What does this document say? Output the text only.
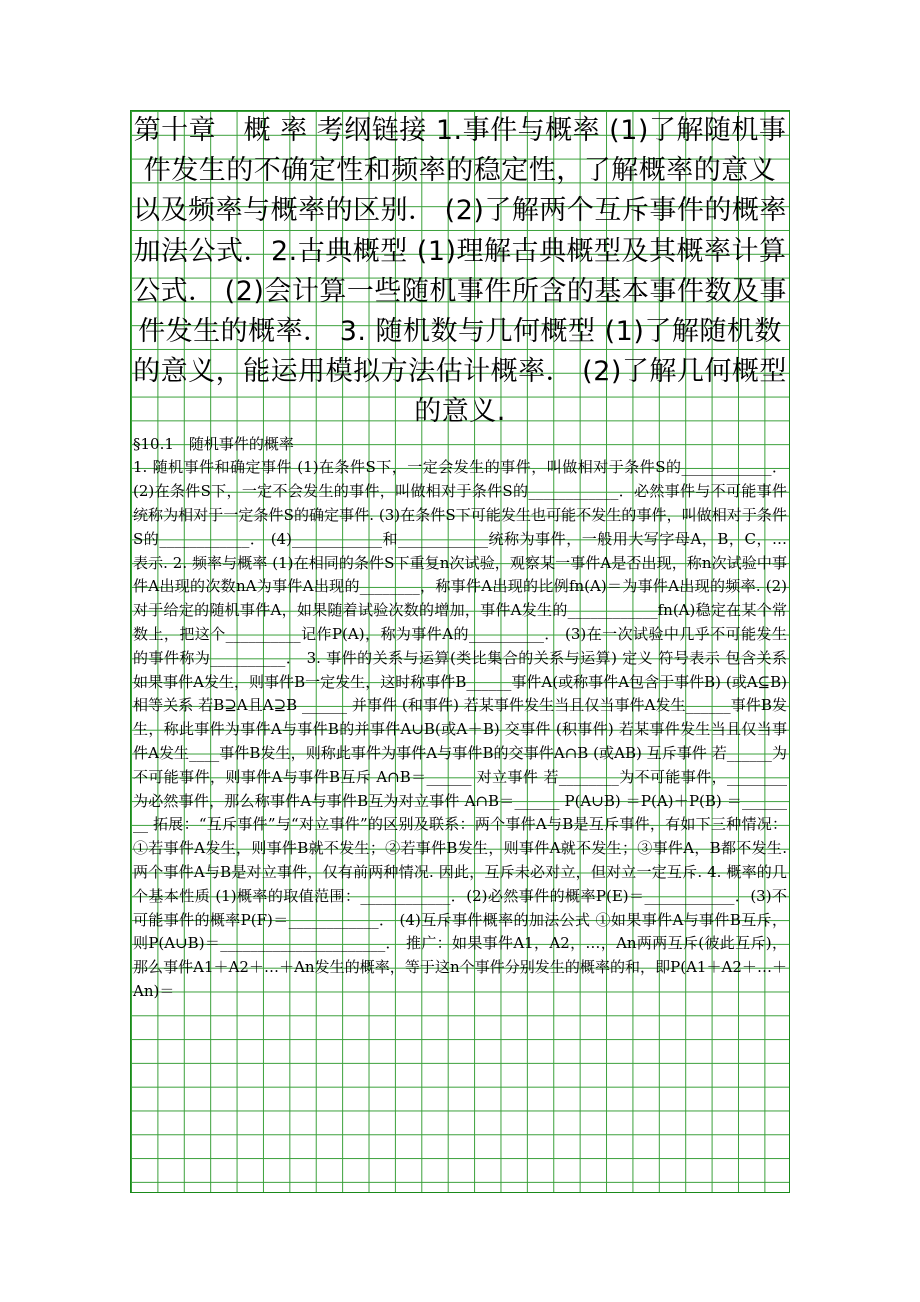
第十章　概 率 考纲链接 1.事件与概率 (1)了解随机事件发生的不确定性和频率的稳定性，了解概率的意义以及频率与概率的区别． (2)了解两个互斥事件的概率加法公式．2.古典概型 (1)理解古典概型及其概率计算公式． (2)会计算一些随机事件所含的基本事件数及事件发生的概率． 3. 随机数与几何概型 (1)了解随机数的意义，能运用模拟方法估计概率． (2)了解几何概型的意义.

§10.1　随机事件的概率

1. 随机事件和确定事件 (1)在条件S下，一定会发生的事件，叫做相对于条件S的____________． (2)在条件S下，一定不会发生的事件，叫做相对于条件S的____________．必然事件与不可能事件统称为相对于一定条件S的确定事件. (3)在条件S下可能发生也可能不发生的事件，叫做相对于条件S的____________． (4)____________和____________统称为事件，一般用大写字母A，B，C，…表示. 2. 频率与概率 (1)在相同的条件S下重复n次试验，观察某一事件A是否出现，称n次试验中事件A出现的次数nA为事件A出现的________，称事件A出现的比例fn(A)＝为事件A出现的频率. (2)对于给定的随机事件A，如果随着试验次数的增加，事件A发生的____________fn(A)稳定在某个常数上，把这个__________记作P(A)，称为事件A的__________． (3)在一次试验中几乎不可能发生的事件称为__________． 3. 事件的关系与运算(类比集合的关系与运算) 定义 符号表示 包含关系 如果事件A发生，则事件B一定发生，这时称事件B______事件A(或称事件A包含于事件B) (或A⊆B) 相等关系 若B⊇A且A⊇B ______ 并事件 (和事件) 若某事件发生当且仅当事件A发生______事件B发生，称此事件为事件A与事件B的并事件A∪B(或A＋B) 交事件 (积事件) 若某事件发生当且仅当事件A发生____事件B发生，则称此事件为事件A与事件B的交事件A∩B (或AB) 互斥事件 若______为不可能事件，则事件A与事件B互斥 A∩B＝______ 对立事件 若________为不可能事件，________为必然事件，那么称事件A与事件B互为对立事件 A∩B＝______ P(A∪B) ＝P(A)＋P(B) ＝________ 拓展：“互斥事件”与“对立事件”的区别及联系：两个事件A与B是互斥事件，有如下三种情况：①若事件A发生，则事件B就不发生；②若事件B发生，则事件A就不发生；③事件A，B都不发生. 两个事件A与B是对立事件，仅有前两种情况. 因此，互斥未必对立，但对立一定互斥. 4. 概率的几个基本性质 (1)概率的取值范围：____________．(2)必然事件的概率P(E)＝____________．(3)不可能事件的概率P(F)＝____________． (4)互斥事件概率的加法公式 ①如果事件A与事件B互斥，则P(A∪B)＝______________________． 推广：如果事件A1，A2，…，An两两互斥(彼此互斥)，那么事件A1＋A2＋…＋An发生的概率，等于这n个事件分别发生的概率的和，即P(A1＋A2＋…＋An)＝
